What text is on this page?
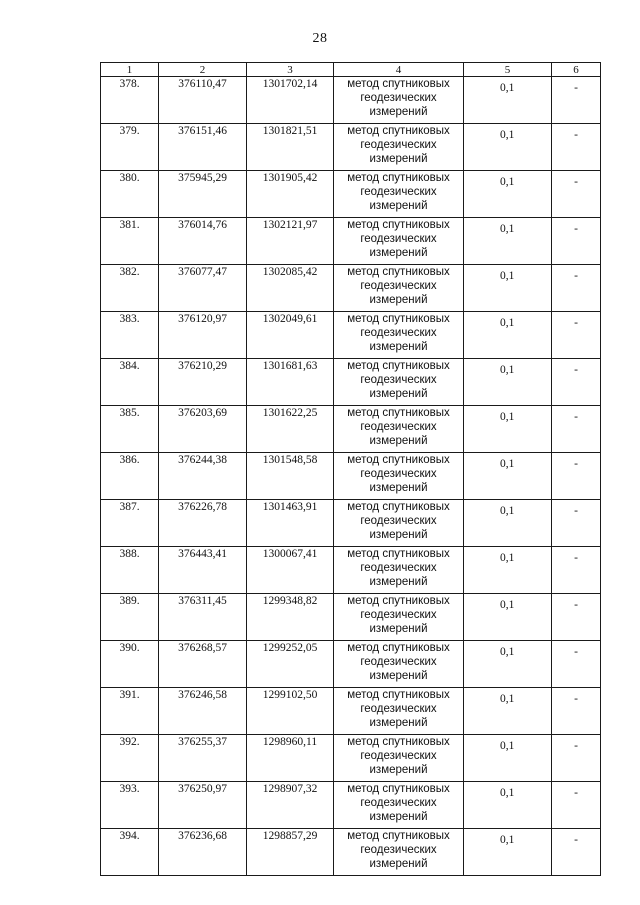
28
1	2	3	4	5	6
378.	376110,47	1301702,14	метод спутниковых геодезических измерений	0,1	-
379.	376151,46	1301821,51	метод спутниковых геодезических измерений	0,1	-
380.	375945,29	1301905,42	метод спутниковых геодезических измерений	0,1	-
381.	376014,76	1302121,97	метод спутниковых геодезических измерений	0,1	-
382.	376077,47	1302085,42	метод спутниковых геодезических измерений	0,1	-
383.	376120,97	1302049,61	метод спутниковых геодезических измерений	0,1	-
384.	376210,29	1301681,63	метод спутниковых геодезических измерений	0,1	-
385.	376203,69	1301622,25	метод спутниковых геодезических измерений	0,1	-
386.	376244,38	1301548,58	метод спутниковых геодезических измерений	0,1	-
387.	376226,78	1301463,91	метод спутниковых геодезических измерений	0,1	-
388.	376443,41	1300067,41	метод спутниковых геодезических измерений	0,1	-
389.	376311,45	1299348,82	метод спутниковых геодезических измерений	0,1	-
390.	376268,57	1299252,05	метод спутниковых геодезических измерений	0,1	-
391.	376246,58	1299102,50	метод спутниковых геодезических измерений	0,1	-
392.	376255,37	1298960,11	метод спутниковых геодезических измерений	0,1	-
393.	376250,97	1298907,32	метод спутниковых геодезических измерений	0,1	-
394.	376236,68	1298857,29	метод спутниковых геодезических измерений	0,1	-
